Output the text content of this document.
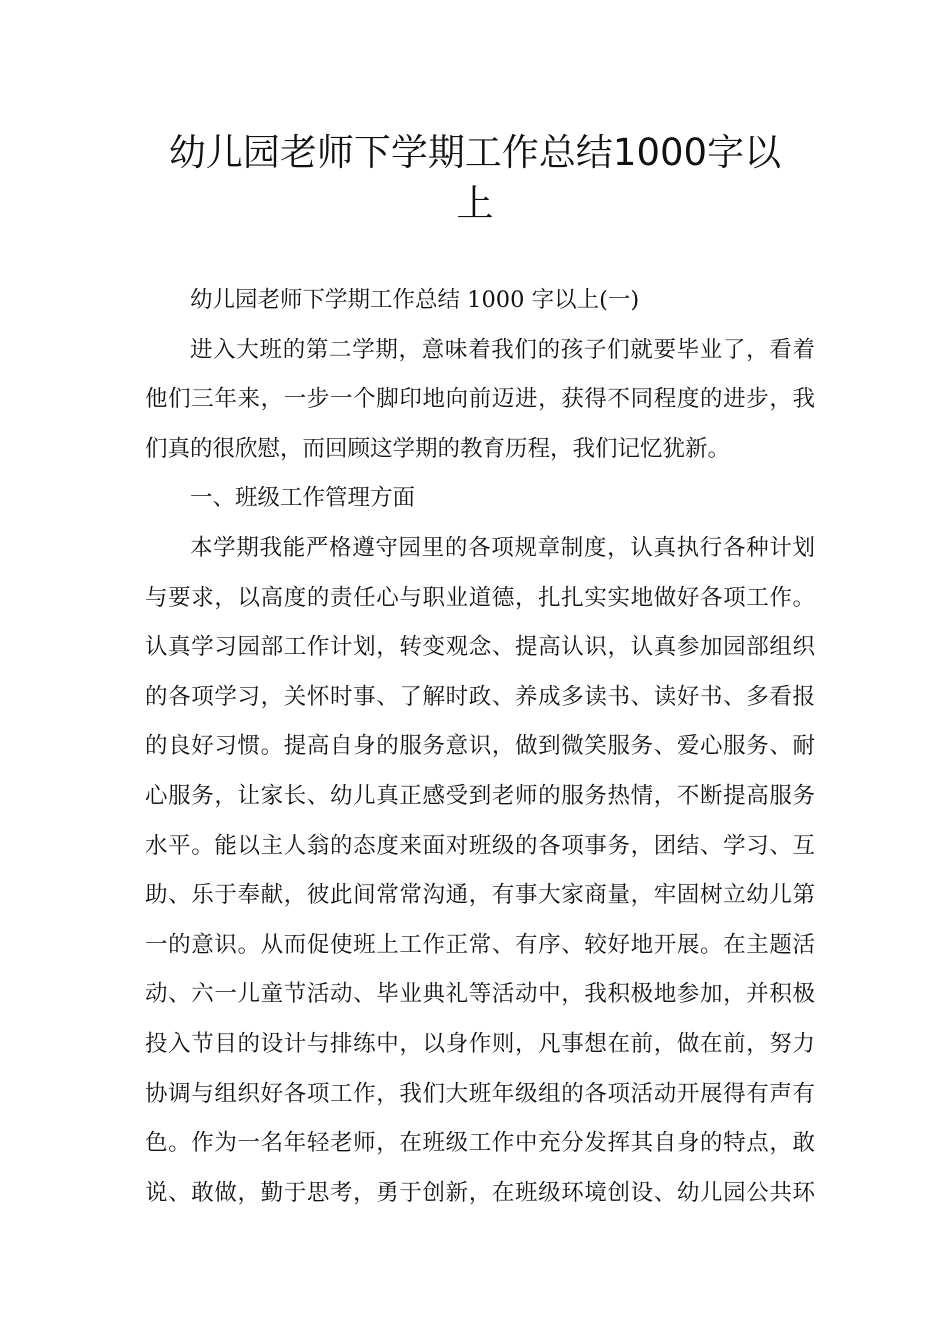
幼儿园老师下学期工作总结1000字以
上
幼儿园老师下学期工作总结 1000 字以上(一)
进入大班的第二学期，意味着我们的孩子们就要毕业了，看着
他们三年来，一步一个脚印地向前迈进，获得不同程度的进步，我
们真的很欣慰，而回顾这学期的教育历程，我们记忆犹新。
一、班级工作管理方面
本学期我能严格遵守园里的各项规章制度，认真执行各种计划
与要求，以高度的责任心与职业道德，扎扎实实地做好各项工作。
认真学习园部工作计划，转变观念、提高认识，认真参加园部组织
的各项学习，关怀时事、了解时政、养成多读书、读好书、多看报
的良好习惯。提高自身的服务意识，做到微笑服务、爱心服务、耐
心服务，让家长、幼儿真正感受到老师的服务热情，不断提高服务
水平。能以主人翁的态度来面对班级的各项事务，团结、学习、互
助、乐于奉献，彼此间常常沟通，有事大家商量，牢固树立幼儿第
一的意识。从而促使班上工作正常、有序、较好地开展。在主题活
动、六一儿童节活动、毕业典礼等活动中，我积极地参加，并积极
投入节目的设计与排练中，以身作则，凡事想在前，做在前，努力
协调与组织好各项工作，我们大班年级组的各项活动开展得有声有
色。作为一名年轻老师，在班级工作中充分发挥其自身的特点，敢
说、敢做，勤于思考，勇于创新，在班级环境创设、幼儿园公共环
